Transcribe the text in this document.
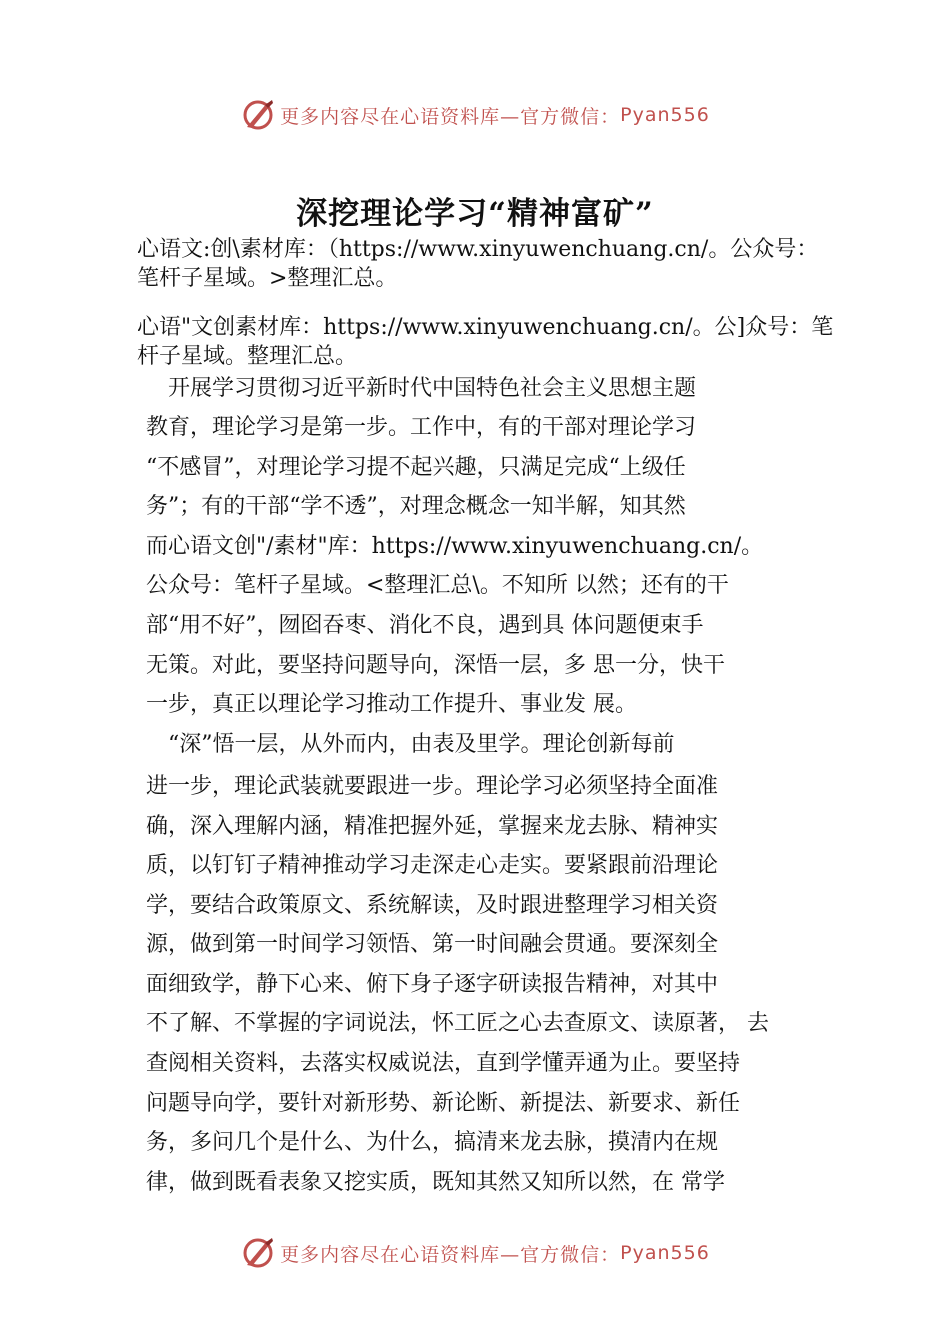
更多内容尽在心语资料库—官方微信： Pyan556
深挖理论学习“精神富矿”

心语文:创\素材库：（https://www.xinyuwenchuang.cn/。公众号：笔杆子星域。>整理汇总。

心语"文创素材库：https://www.xinyuwenchuang.cn/。公]众号：笔杆子星域。整理汇总。

　开展学习贯彻习近平新时代中国特色社会主义思想主题

教育，理论学习是第一步。工作中，有的干部对理论学习

“不感冒”，对理论学习提不起兴趣，只满足完成“上级任

务”；有的干部“学不透”，对理念概念一知半解，知其然

而心语文创"/素材"库：https://www.xinyuwenchuang.cn/。

公众号：笔杆子星域。<整理汇总\。不知所 以然；还有的干

部“用不好”，囫囵吞枣、消化不良，遇到具 体问题便束手

无策。对此，要坚持问题导向，深悟一层，多 思一分，快干

一步，真正以理论学习推动工作提升、事业发 展。

　“深”悟一层，从外而内，由表及里学。理论创新每前

进一步，理论武装就要跟进一步。理论学习必须坚持全面准

确，深入理解内涵，精准把握外延，掌握来龙去脉、精神实

质，以钉钉子精神推动学习走深走心走实。要紧跟前沿理论

学，要结合政策原文、系统解读，及时跟进整理学习相关资

源，做到第一时间学习领悟、第一时间融会贯通。要深刻全

面细致学，静下心来、俯下身子逐字研读报告精神，对其中

不了解、不掌握的字词说法，怀工匠之心去查原文、读原著， 去

查阅相关资料，去落实权威说法，直到学懂弄通为止。要坚持

问题导向学，要针对新形势、新论断、新提法、新要求、新任

务，多问几个是什么、为什么，搞清来龙去脉，摸清内在规

律，做到既看表象又挖实质，既知其然又知所以然，在 常学

更多内容尽在心语资料库—官方微信： Pyan556
